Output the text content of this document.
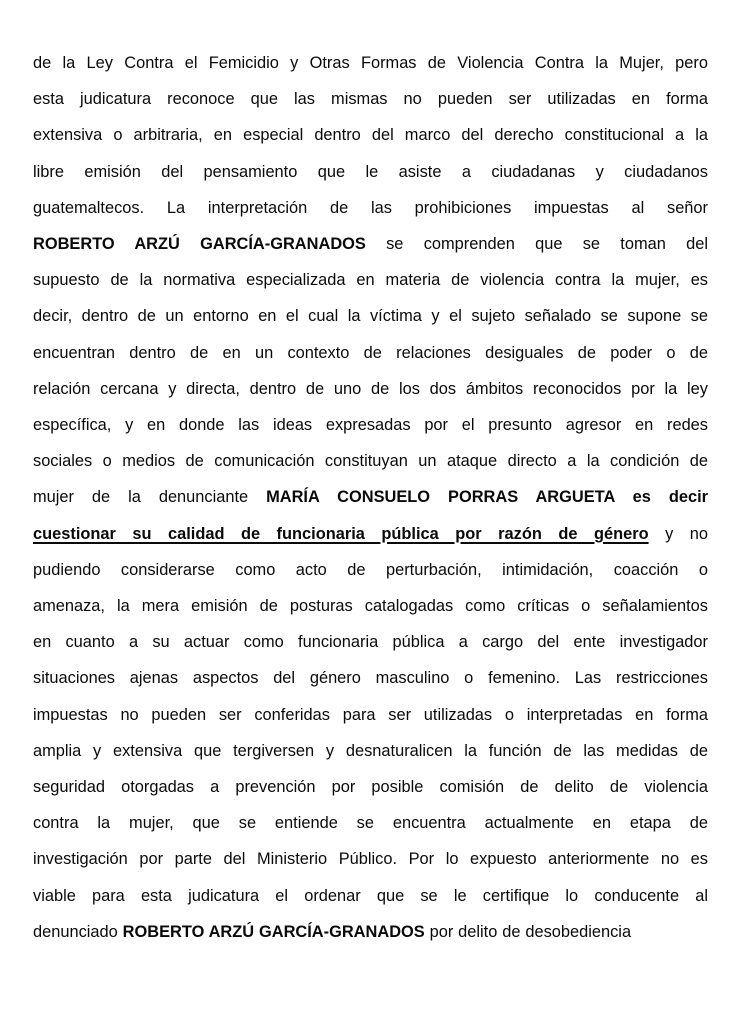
de la Ley Contra el Femicidio y Otras Formas de Violencia Contra la Mujer, pero
esta judicatura reconoce que las mismas no pueden ser utilizadas en forma
extensiva o arbitraria, en especial dentro del marco del derecho constitucional a la
libre emisión del pensamiento que le asiste a ciudadanas y ciudadanos
guatemaltecos. La interpretación de las prohibiciones impuestas al señor
ROBERTO ARZÚ GARCÍA-GRANADOS se comprenden que se toman del
supuesto de la normativa especializada en materia de violencia contra la mujer, es
decir, dentro de un entorno en el cual la víctima y el sujeto señalado se supone se
encuentran dentro de en un contexto de relaciones desiguales de poder o de
relación cercana y directa, dentro de uno de los dos ámbitos reconocidos por la ley
específica, y en donde las ideas expresadas por el presunto agresor en redes
sociales o medios de comunicación constituyan un ataque directo a la condición de
mujer de la denunciante MARÍA CONSUELO PORRAS ARGUETA es decir
cuestionar su calidad de funcionaria pública por razón de género y no
pudiendo considerarse como acto de perturbación, intimidación, coacción o
amenaza, la mera emisión de posturas catalogadas como críticas o señalamientos
en cuanto a su actuar como funcionaria pública a cargo del ente investigador
situaciones ajenas aspectos del género masculino o femenino. Las restricciones
impuestas no pueden ser conferidas para ser utilizadas o interpretadas en forma
amplia y extensiva que tergiversen y desnaturalicen la función de las medidas de
seguridad otorgadas a prevención por posible comisión de delito de violencia
contra la mujer, que se entiende se encuentra actualmente en etapa de
investigación por parte del Ministerio Público. Por lo expuesto anteriormente no es
viable para esta judicatura el ordenar que se le certifique lo conducente al
denunciado ROBERTO ARZÚ GARCÍA-GRANADOS por delito de desobediencia
